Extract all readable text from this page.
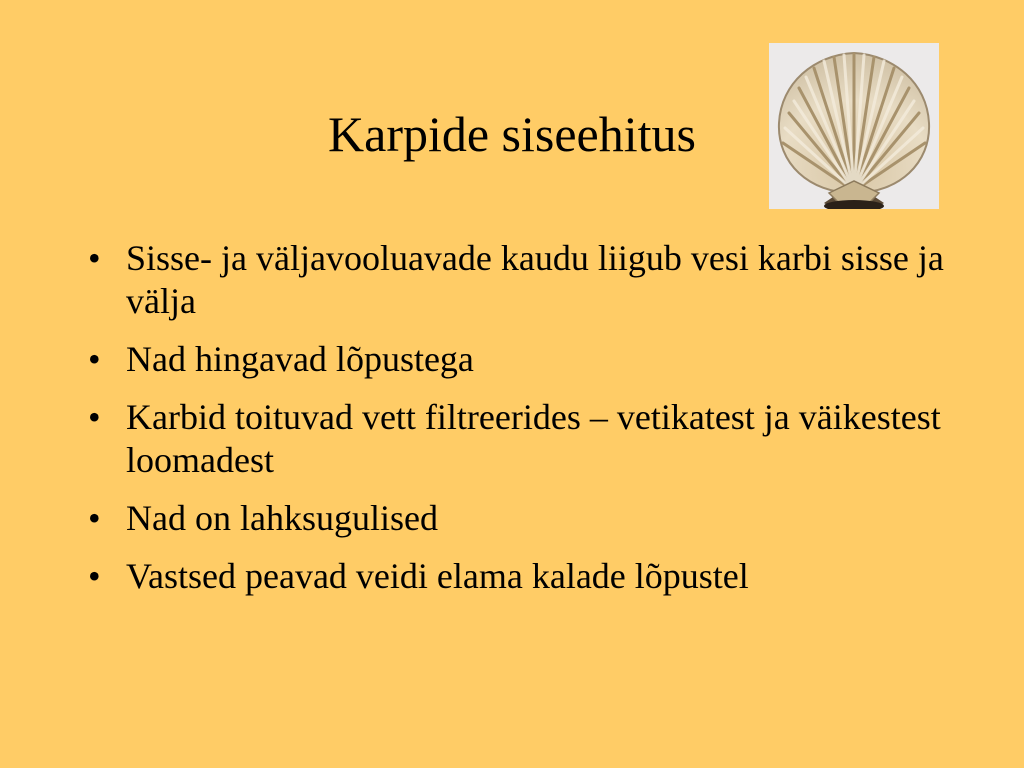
Karpide siseehitus
• Sisse- ja väljavooluavade kaudu liigub vesi karbi sisse ja välja
• Nad hingavad lõpustega
• Karbid toituvad vett filtreerides – vetikatest ja väikestest loomadest
• Nad on lahksugulised
• Vastsed peavad veidi elama kalade lõpustel
